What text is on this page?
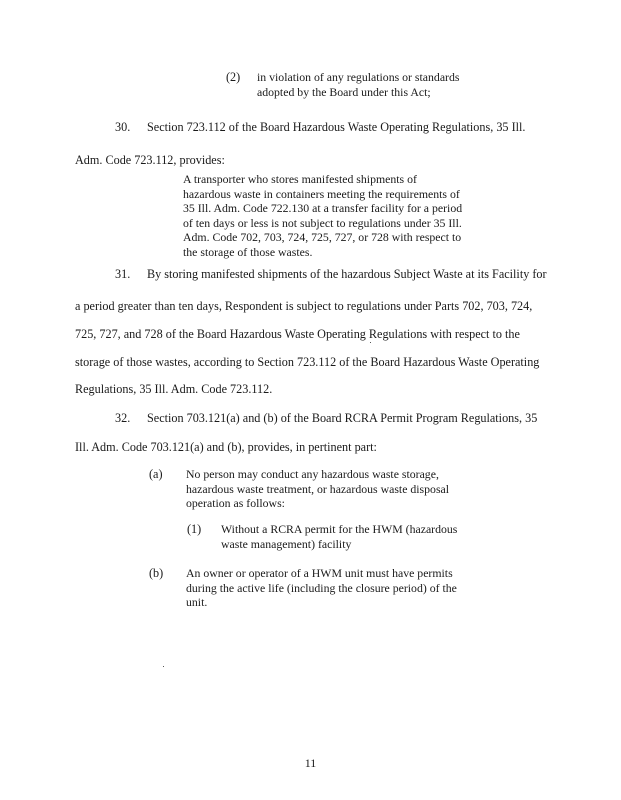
(2) in violation of any regulations or standards
adopted by the Board under this Act;
30. Section 723.112 of the Board Hazardous Waste Operating Regulations, 35 Ill.
Adm. Code 723.112, provides:
A transporter who stores manifested shipments of
hazardous waste in containers meeting the requirements of
35 Ill. Adm. Code 722.130 at a transfer facility for a period
of ten days or less is not subject to regulations under 35 Ill.
Adm. Code 702, 703, 724, 725, 727, or 728 with respect to
the storage of those wastes.
31. By storing manifested shipments of the hazardous Subject Waste at its Facility for
a period greater than ten days, Respondent is subject to regulations under Parts 702, 703, 724,
725, 727, and 728 of the Board Hazardous Waste Operating Regulations with respect to the
storage of those wastes, according to Section 723.112 of the Board Hazardous Waste Operating
Regulations, 35 Ill. Adm. Code 723.112.
32. Section 703.121(a) and (b) of the Board RCRA Permit Program Regulations, 35
Ill. Adm. Code 703.121(a) and (b), provides, in pertinent part:
(a) No person may conduct any hazardous waste storage,
hazardous waste treatment, or hazardous waste disposal
operation as follows:
(1) Without a RCRA permit for the HWM (hazardous
waste management) facility
(b) An owner or operator of a HWM unit must have permits
during the active life (including the closure period) of the
unit.
11
